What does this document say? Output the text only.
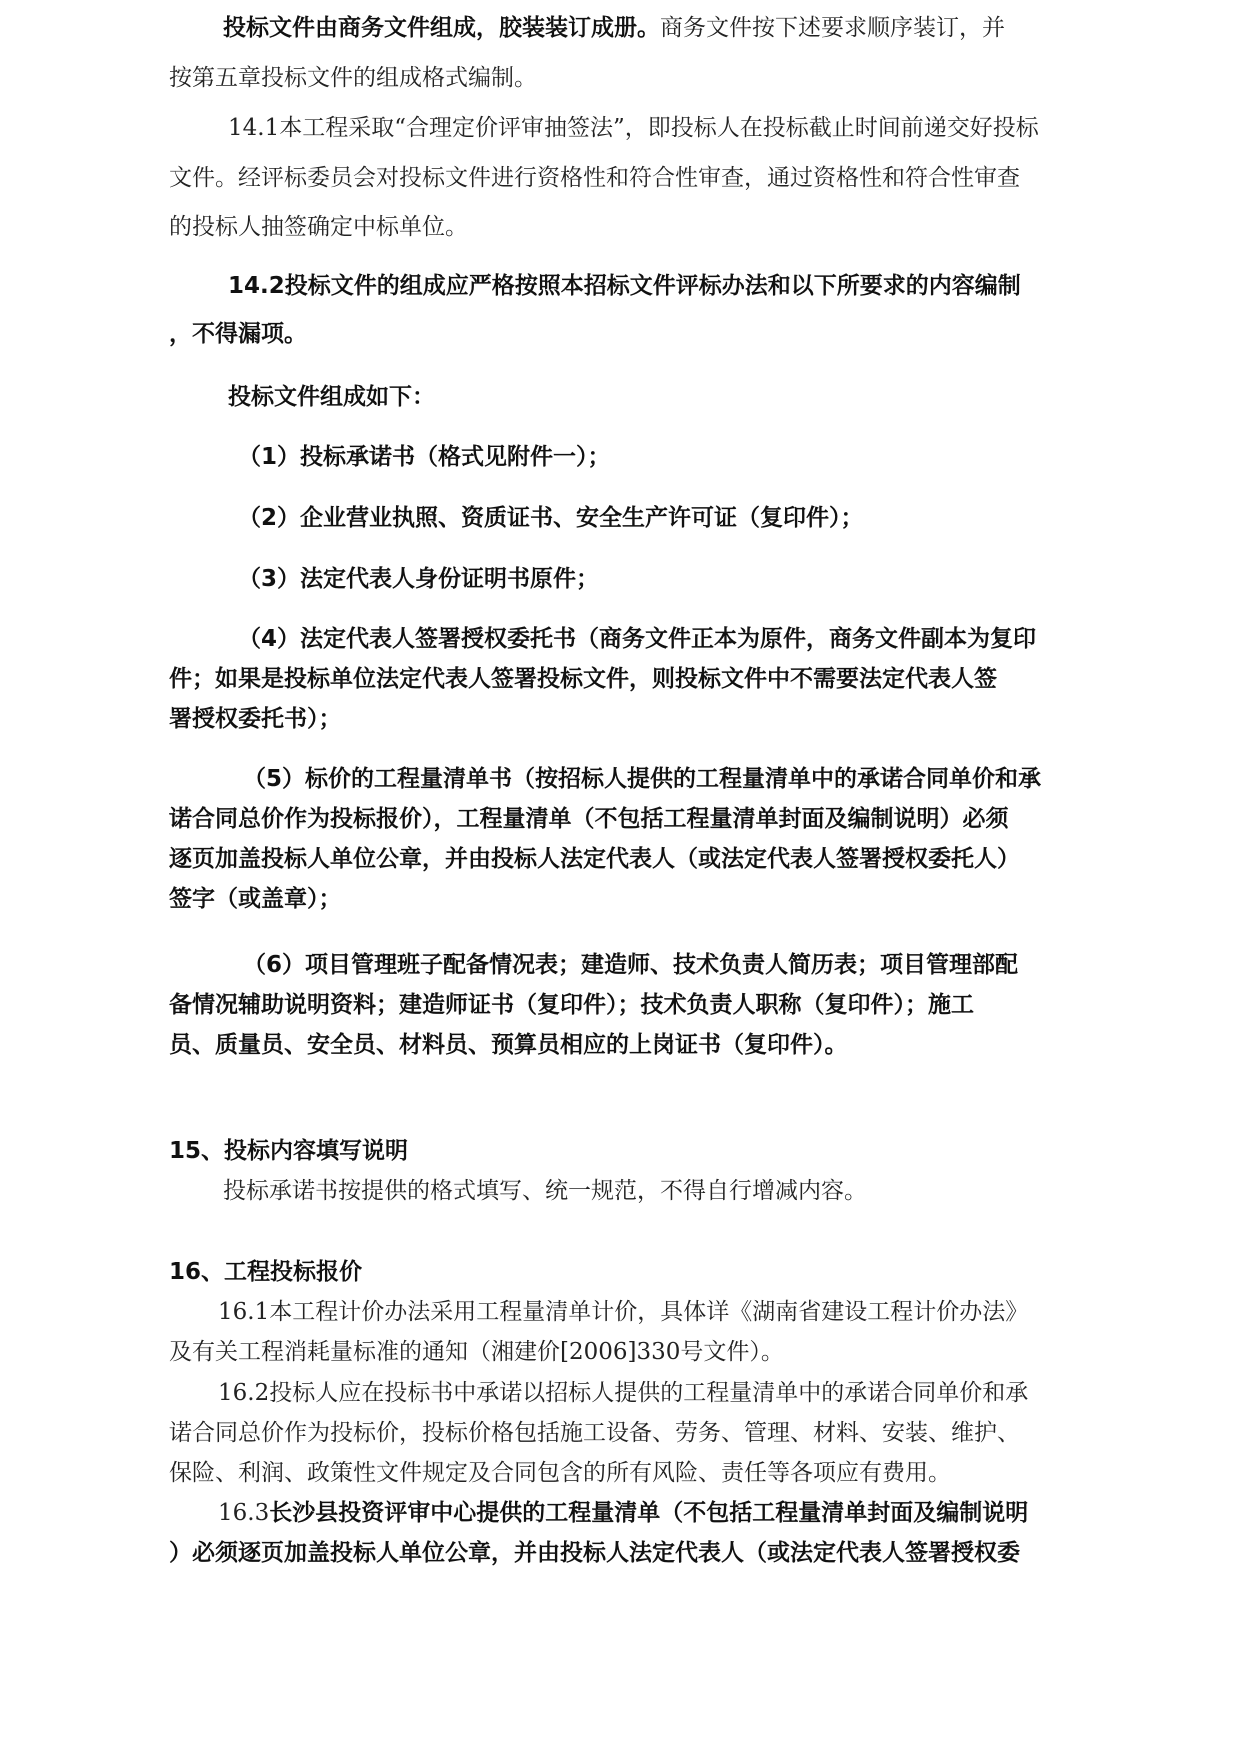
投标文件由商务文件组成，胶装装订成册。商务文件按下述要求顺序装订，并
按第五章投标文件的组成格式编制。
14.1本工程采取“合理定价评审抽签法”，即投标人在投标截止时间前递交好投标
文件。经评标委员会对投标文件进行资格性和符合性审查，通过资格性和符合性审查
的投标人抽签确定中标单位。
14.2投标文件的组成应严格按照本招标文件评标办法和以下所要求的内容编制
，不得漏项。
投标文件组成如下：
（1）投标承诺书（格式见附件一）；
（2）企业营业执照、资质证书、安全生产许可证（复印件）；
（3）法定代表人身份证明书原件；
（4）法定代表人签署授权委托书（商务文件正本为原件，商务文件副本为复印
件；如果是投标单位法定代表人签署投标文件，则投标文件中不需要法定代表人签
署授权委托书）；
（5）标价的工程量清单书（按招标人提供的工程量清单中的承诺合同单价和承
诺合同总价作为投标报价），工程量清单（不包括工程量清单封面及编制说明）必须
逐页加盖投标人单位公章，并由投标人法定代表人（或法定代表人签署授权委托人）
签字（或盖章）；
（6）项目管理班子配备情况表；建造师、技术负责人简历表；项目管理部配
备情况辅助说明资料；建造师证书（复印件）；技术负责人职称（复印件）；施工
员、质量员、安全员、材料员、预算员相应的上岗证书（复印件）。
15、投标内容填写说明
投标承诺书按提供的格式填写、统一规范，不得自行增减内容。
16、工程投标报价
16.1本工程计价办法采用工程量清单计价，具体详《湖南省建设工程计价办法》
及有关工程消耗量标准的通知（湘建价[2006]330号文件）。
16.2投标人应在投标书中承诺以招标人提供的工程量清单中的承诺合同单价和承
诺合同总价作为投标价，投标价格包括施工设备、劳务、管理、材料、安装、维护、
保险、利润、政策性文件规定及合同包含的所有风险、责任等各项应有费用。
16.3长沙县投资评审中心提供的工程量清单（不包括工程量清单封面及编制说明
）必须逐页加盖投标人单位公章，并由投标人法定代表人（或法定代表人签署授权委
